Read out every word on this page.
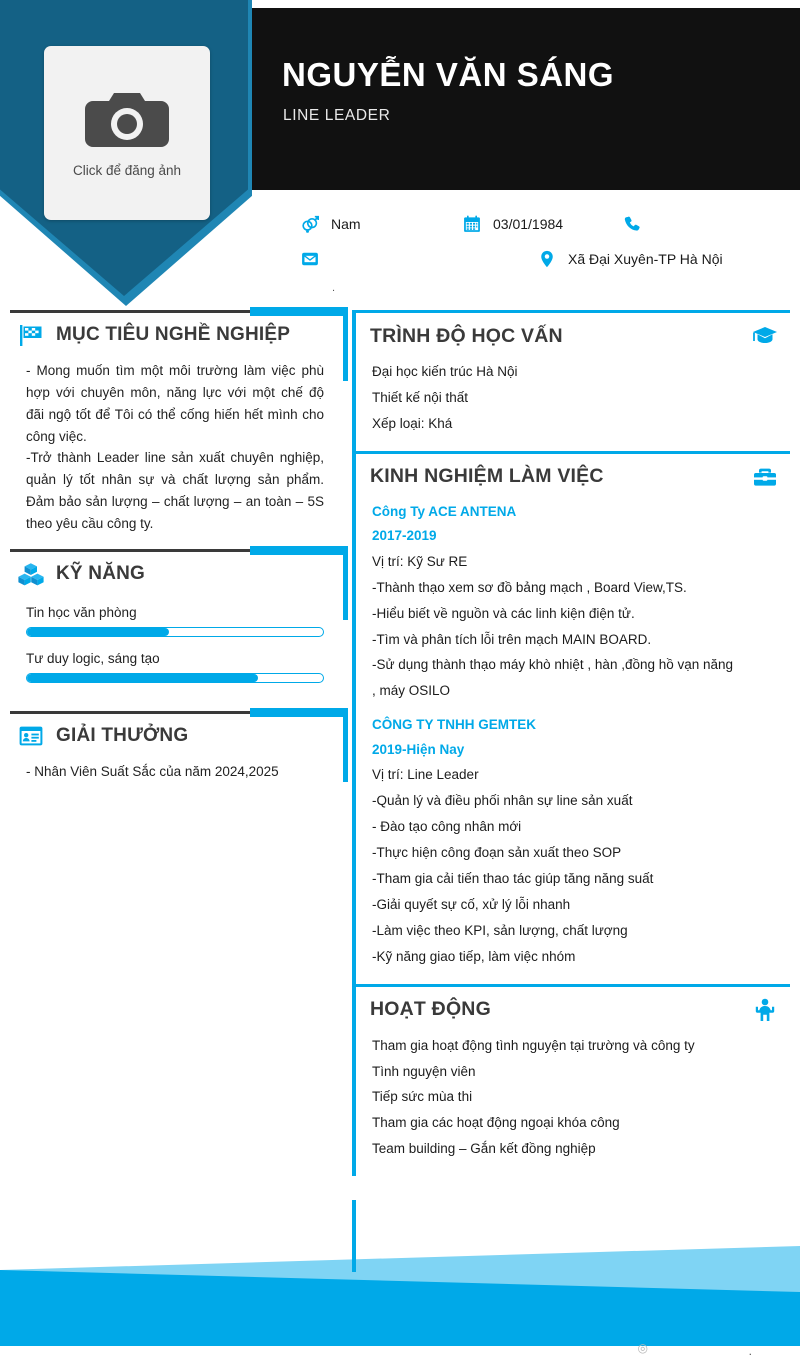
NGUYỄN VĂN SÁNG
LINE LEADER
Click để đăng ảnh
Nam	03/01/1984
Xã Đại Xuyên-TP Hà Nội
.
MỤC TIÊU NGHỀ NGHIỆP

- Mong muốn tìm một môi trường làm việc phù hợp với chuyên môn, năng lực với một chế độ đãi ngộ tốt để Tôi có thể cống hiến hết mình cho công việc.

-Trở thành Leader line sản xuất chuyên nghiệp, quản lý tốt nhân sự và chất lượng sản phẩm. Đảm bảo sản lượng – chất lượng – an toàn – 5S theo yêu cầu công ty.

KỸ NĂNG
Tin học văn phòng
Tư duy logic, sáng tạo
GIẢI THƯỞNG
- Nhân Viên Suất Sắc của năm 2024,2025
TRÌNH ĐỘ HỌC VẤN
Đại học kiến trúc Hà Nội
Thiết kế nội thất
Xếp loại: Khá
KINH NGHIỆM LÀM VIỆC
Công Ty ACE ANTENA
2017-2019
Vị trí: Kỹ Sư RE
-Thành thạo xem sơ đồ bảng mạch , Board View,TS.
-Hiểu biết về nguồn và các linh kiện điện tử.
-Tìm và phân tích lỗi trên mạch MAIN BOARD.
-Sử dụng thành thạo máy khò nhiệt , hàn ,đồng hồ vạn năng
, máy OSILO
CÔNG TY TNHH GEMTEK
2019-Hiện Nay
Vị trí: Line Leader
-Quản lý và điều phối nhân sự line sản xuất
- Đào tạo công nhân mới
-Thực hiện công đoạn sản xuất theo SOP
-Tham gia cải tiến thao tác giúp tăng năng suất
-Giải quyết sự cố, xử lý lỗi nhanh
-Làm việc theo KPI, sản lượng, chất lượng
-Kỹ năng giao tiếp, làm việc nhóm
HOẠT ĐỘNG
Tham gia hoạt động tình nguyện tại trường và công ty
Tình nguyện viên
Tiếp sức mùa thi
Tham gia các hoạt động ngoại khóa công
Team building – Gắn kết đồng nghiệp
◎	.
